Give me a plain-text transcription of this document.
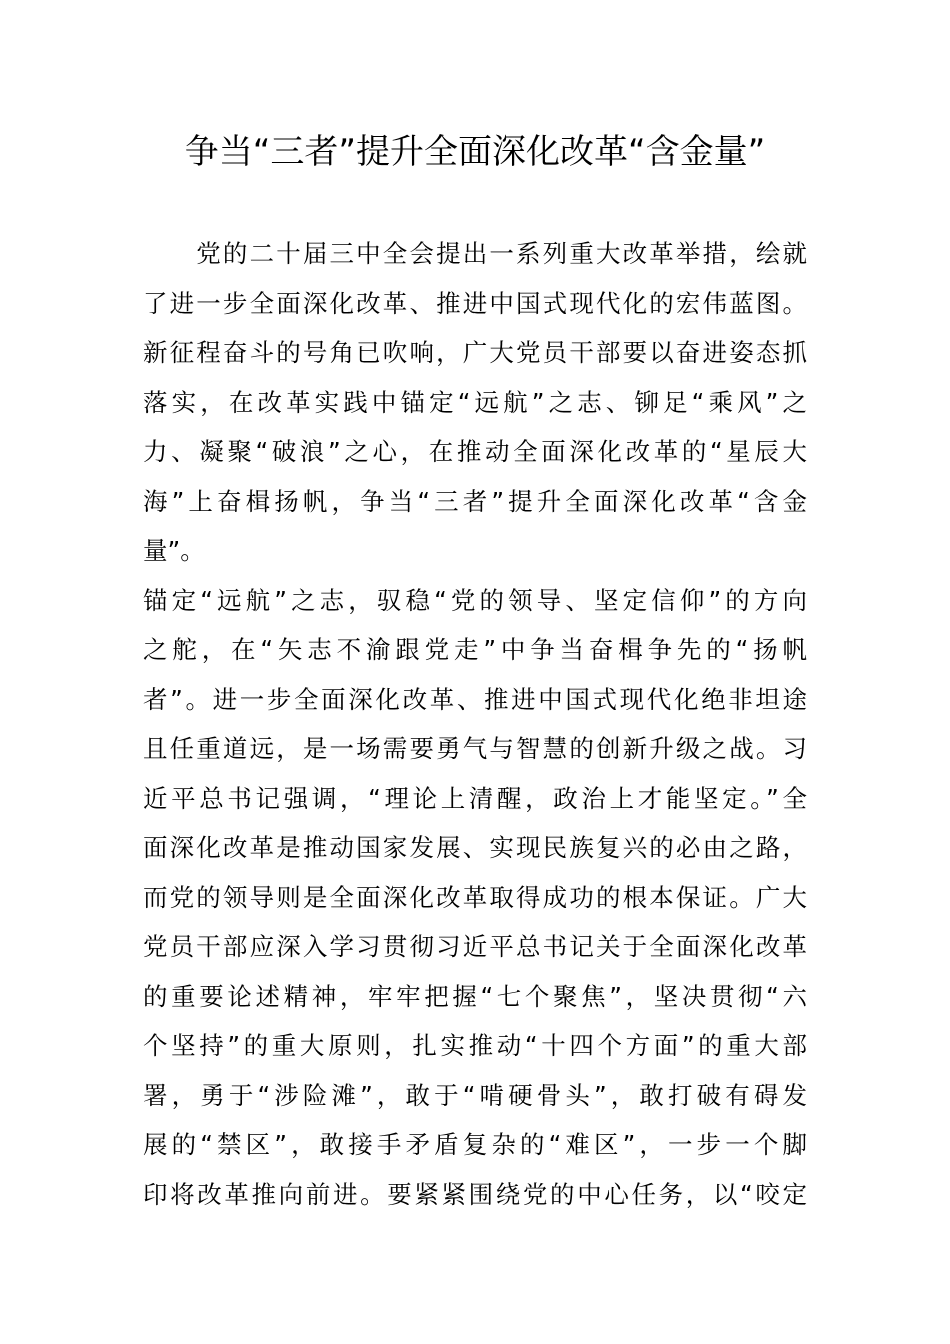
争当“三者”提升全面深化改革“含金量”
　　党的二十届三中全会提出一系列重大改革举措，绘就
了进一步全面深化改革、推进中国式现代化的宏伟蓝图。
新征程奋斗的号角已吹响，广大党员干部要以奋进姿态抓
落实，在改革实践中锚定“远航”之志、铆足“乘风”之
力、凝聚“破浪”之心，在推动全面深化改革的“星辰大
海”上奋楫扬帆，争当“三者”提升全面深化改革“含金
量”。
锚定“远航”之志，驭稳“党的领导、坚定信仰”的方向
之舵，在“矢志不渝跟党走”中争当奋楫争先的“扬帆
者”。进一步全面深化改革、推进中国式现代化绝非坦途
且任重道远，是一场需要勇气与智慧的创新升级之战。习
近平总书记强调，“理论上清醒，政治上才能坚定。”全
面深化改革是推动国家发展、实现民族复兴的必由之路，
而党的领导则是全面深化改革取得成功的根本保证。广大
党员干部应深入学习贯彻习近平总书记关于全面深化改革
的重要论述精神，牢牢把握“七个聚焦”，坚决贯彻“六
个坚持”的重大原则，扎实推动“十四个方面”的重大部
署，勇于“涉险滩”，敢于“啃硬骨头”，敢打破有碍发
展的“禁区”，敢接手矛盾复杂的“难区”，一步一个脚
印将改革推向前进。要紧紧围绕党的中心任务，以“咬定
